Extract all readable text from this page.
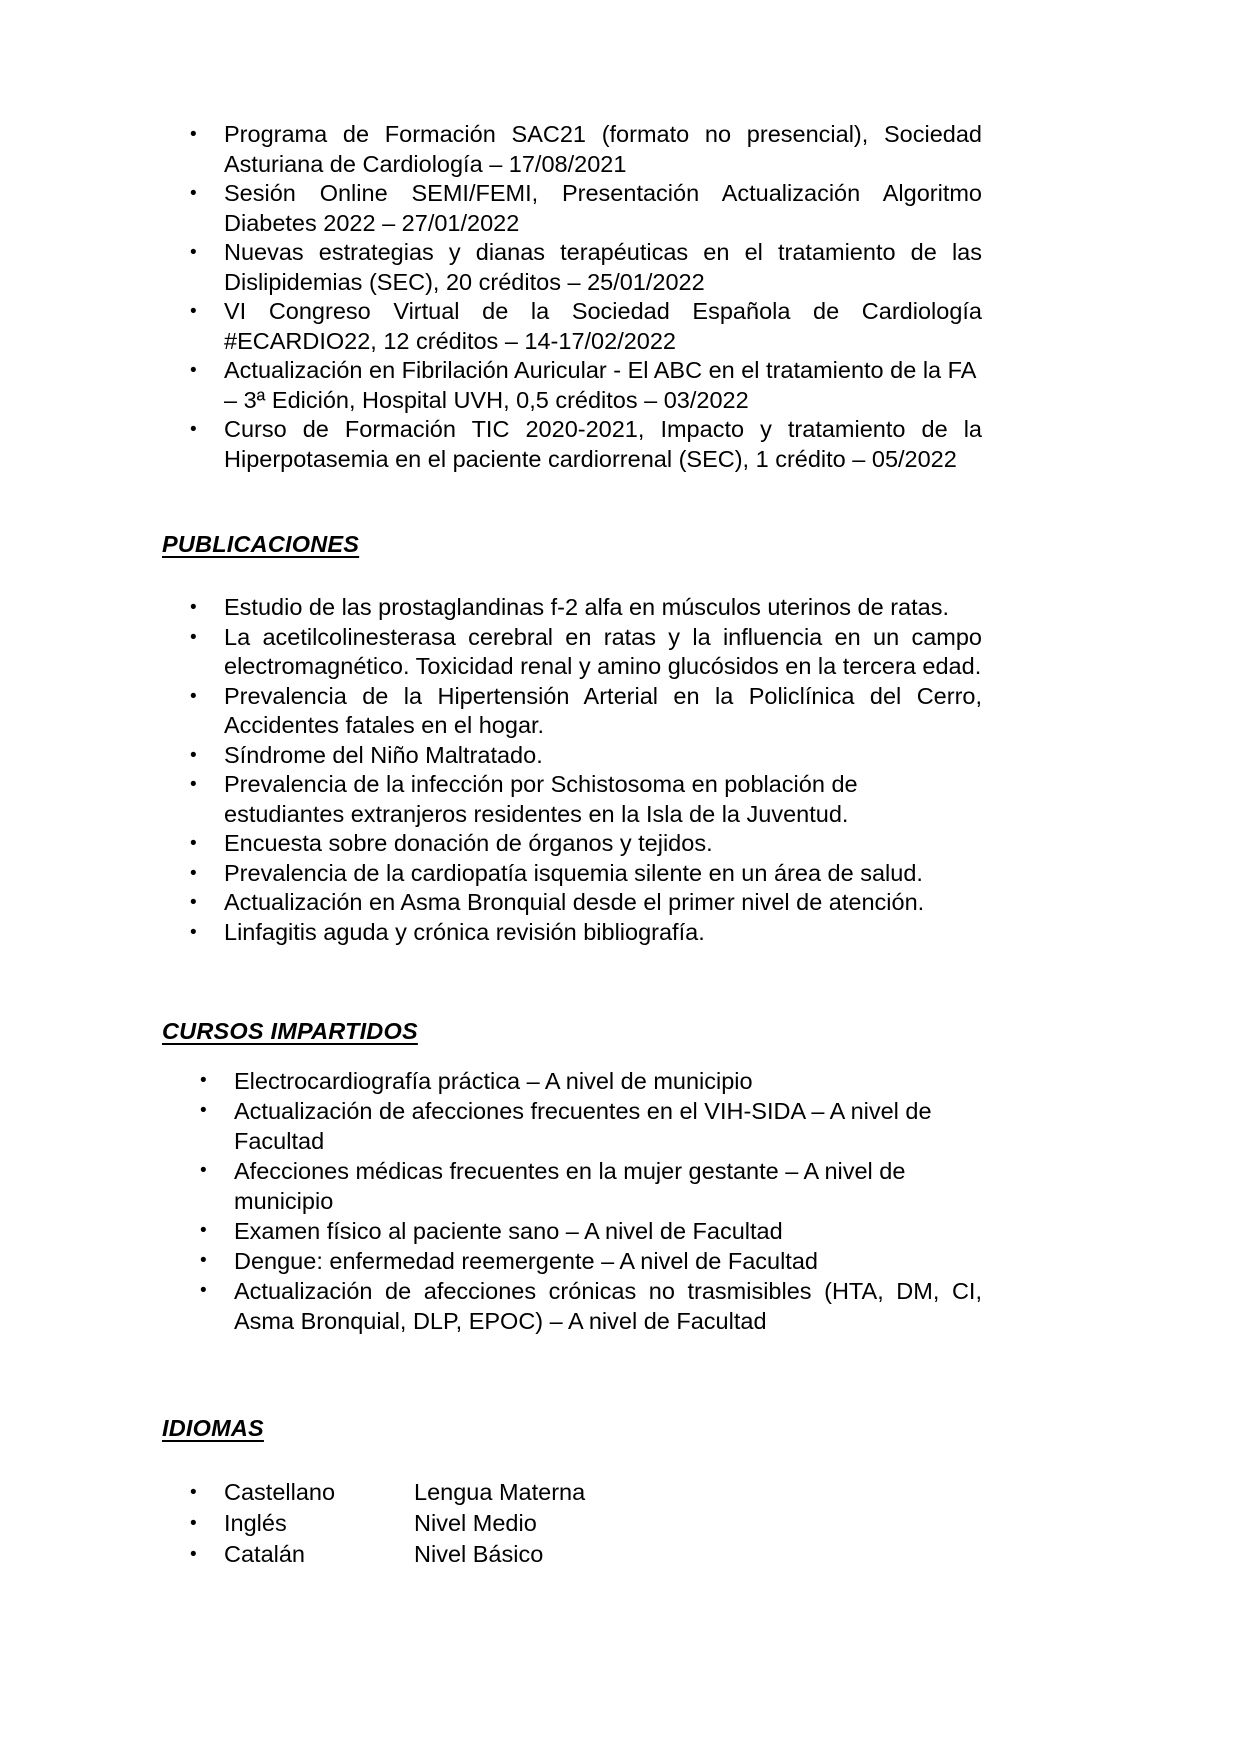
• Programa de Formación SAC21 (formato no presencial), Sociedad Asturiana de Cardiología – 17/08/2021
• Sesión Online SEMI/FEMI, Presentación Actualización Algoritmo Diabetes 2022 – 27/01/2022
• Nuevas estrategias y dianas terapéuticas en el tratamiento de las Dislipidemias (SEC), 20 créditos – 25/01/2022
• VI Congreso Virtual de la Sociedad Española de Cardiología #ECARDIO22, 12 créditos – 14-17/02/2022
• Actualización en Fibrilación Auricular - El ABC en el tratamiento de la FA – 3ª Edición, Hospital UVH, 0,5 créditos – 03/2022
• Curso de Formación TIC 2020-2021, Impacto y tratamiento de la Hiperpotasemia en el paciente cardiorrenal (SEC), 1 crédito – 05/2022
PUBLICACIONES
• Estudio de las prostaglandinas f-2 alfa en músculos uterinos de ratas.
• La acetilcolinesterasa cerebral en ratas y la influencia en un campo electromagnético. Toxicidad renal y amino glucósidos en la tercera edad.
• Prevalencia de la Hipertensión Arterial en la Policlínica del Cerro, Accidentes fatales en el hogar.
• Síndrome del Niño Maltratado.
• Prevalencia de la infección por Schistosoma en población de estudiantes extranjeros residentes en la Isla de la Juventud.
• Encuesta sobre donación de órganos y tejidos.
• Prevalencia de la cardiopatía isquemia silente en un área de salud.
• Actualización en Asma Bronquial desde el primer nivel de atención.
• Linfagitis aguda y crónica revisión bibliografía.
CURSOS IMPARTIDOS
• Electrocardiografía práctica – A nivel de municipio
• Actualización de afecciones frecuentes en el VIH-SIDA – A nivel de Facultad
• Afecciones médicas frecuentes en la mujer gestante – A nivel de municipio
• Examen físico al paciente sano – A nivel de Facultad
• Dengue: enfermedad reemergente – A nivel de Facultad
• Actualización de afecciones crónicas no trasmisibles (HTA, DM, CI, Asma Bronquial, DLP, EPOC) – A nivel de Facultad
IDIOMAS
• Castellano	Lengua Materna
• Inglés	Nivel Medio
• Catalán	Nivel Básico
